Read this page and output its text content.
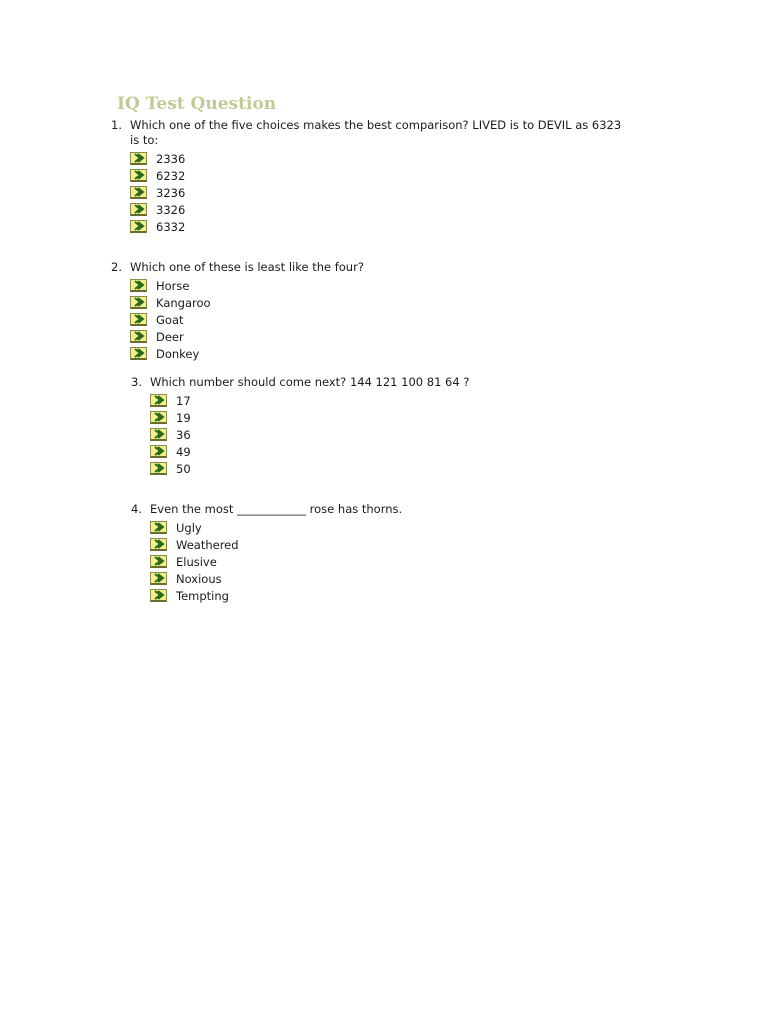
IQ Test Question
1. Which one of the five choices makes the best comparison? LIVED is to DEVIL as 6323 is to:
2336
6232
3236
3326
6332
2. Which one of these is least like the four?
Horse
Kangaroo
Goat
Deer
Donkey
3. Which number should come next? 144 121 100 81 64 ?
17
19
36
49
50
4. Even the most ____________ rose has thorns.
Ugly
Weathered
Elusive
Noxious
Tempting
